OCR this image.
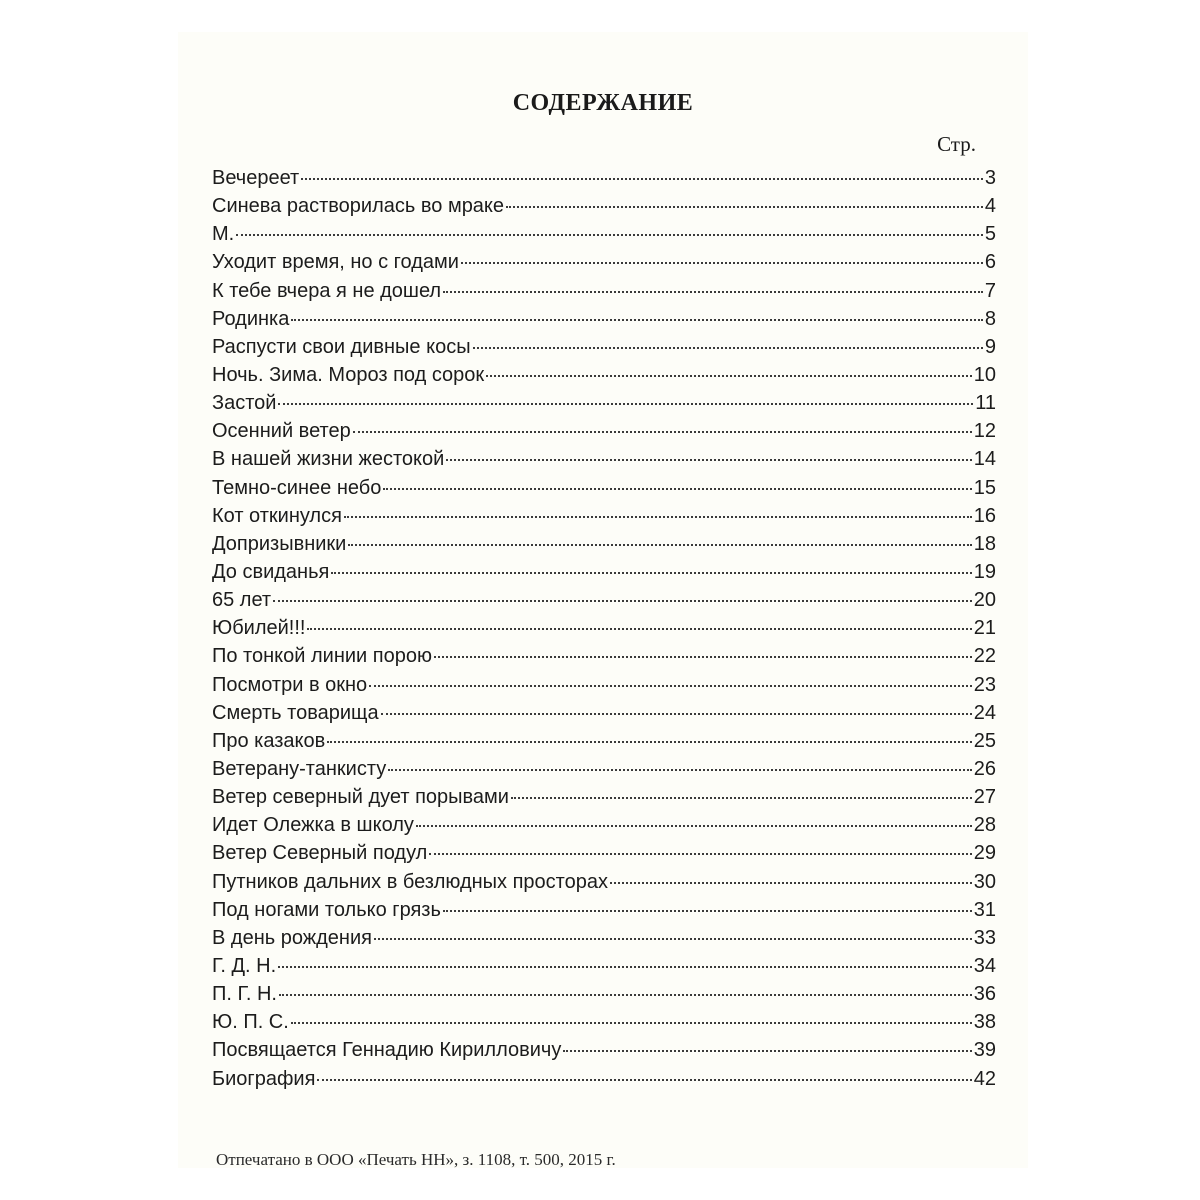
СОДЕРЖАНИЕ
Стр.
Вечереет	3
Синева растворилась во мраке	4
М.	5
Уходит время, но с годами	6
К тебе вчера я не дошел	7
Родинка	8
Распусти свои дивные косы	9
Ночь. Зима. Мороз под сорок	10
Застой	11
Осенний ветер	12
В нашей жизни жестокой	14
Темно-синее небо	15
Кот откинулся	16
Допризывники	18
До свиданья	19
65 лет	20
Юбилей!!!	21
По тонкой линии порою	22
Посмотри в окно	23
Смерть товарища	24
Про казаков	25
Ветерану-танкисту	26
Ветер северный дует порывами	27
Идет Олежка в школу	28
Ветер Северный подул	29
Путников дальних в безлюдных просторах	30
Под ногами только грязь	31
В день рождения	33
Г. Д. Н.	34
П. Г. Н.	36
Ю. П. С.	38
Посвящается Геннадию Кирилловичу	39
Биография	42
Отпечатано в ООО «Печать НН», з. 1108, т. 500, 2015 г.
